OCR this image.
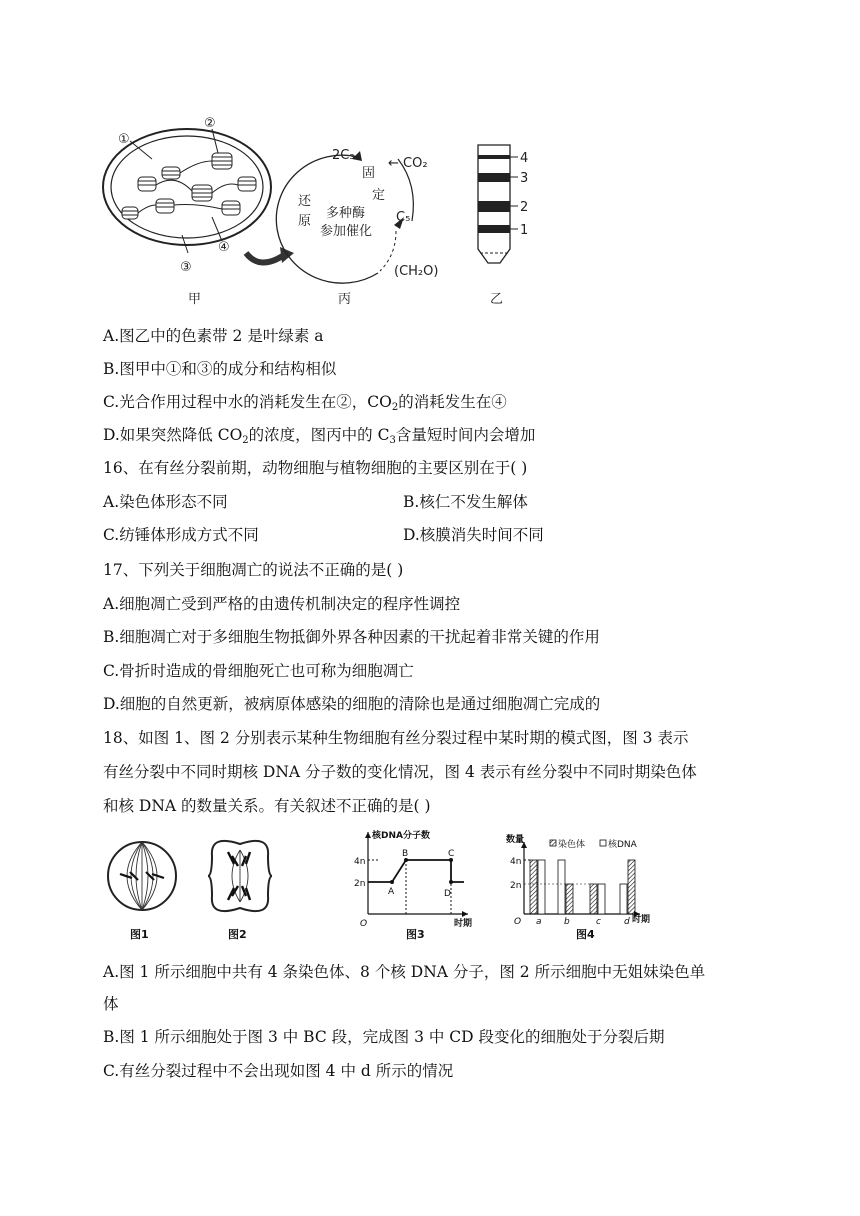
①
②
③
④
2C₃
← CO₂
固
定
还
原
多种酶
参加催化
C₅
(CH₂O)
4
3
2
1
甲	丙	乙
A.图乙中的色素带 2 是叶绿素 a
B.图甲中①和③的成分和结构相似
C.光合作用过程中水的消耗发生在②，$CO_2$的消耗发生在④
D.如果突然降低 $CO_2$的浓度，图丙中的 $C_3$含量短时间内会增加
16、在有丝分裂前期，动物细胞与植物细胞的主要区别在于( )
A.染色体形态不同	B.核仁不发生解体
C.纺锤体形成方式不同	D.核膜消失时间不同
17、下列关于细胞凋亡的说法不正确的是( )
A.细胞凋亡受到严格的由遗传机制决定的程序性调控
B.细胞凋亡对于多细胞生物抵御外界各种因素的干扰起着非常关键的作用
C.骨折时造成的骨细胞死亡也可称为细胞凋亡
D.细胞的自然更新，被病原体感染的细胞的清除也是通过细胞凋亡完成的
18、如图 1、图 2 分别表示某种生物细胞有丝分裂过程中某时期的模式图，图 3 表示
有丝分裂中不同时期核 DNA 分子数的变化情况，图 4 表示有丝分裂中不同时期染色体
和核 DNA 的数量关系。有关叙述不正确的是( )
图1	图2
核DNA分子数
时期
4n
2n
O
A
B	C
D
图3
数量	染色体	核DNA
4n
2n
O a b	c	d 时期
图4
A.图 1 所示细胞中共有 4 条染色体、8 个核 DNA 分子，图 2 所示细胞中无姐妹染色单
体
B.图 1 所示细胞处于图 3 中 BC 段，完成图 3 中 CD 段变化的细胞处于分裂后期
C.有丝分裂过程中不会出现如图 4 中 d 所示的情况
